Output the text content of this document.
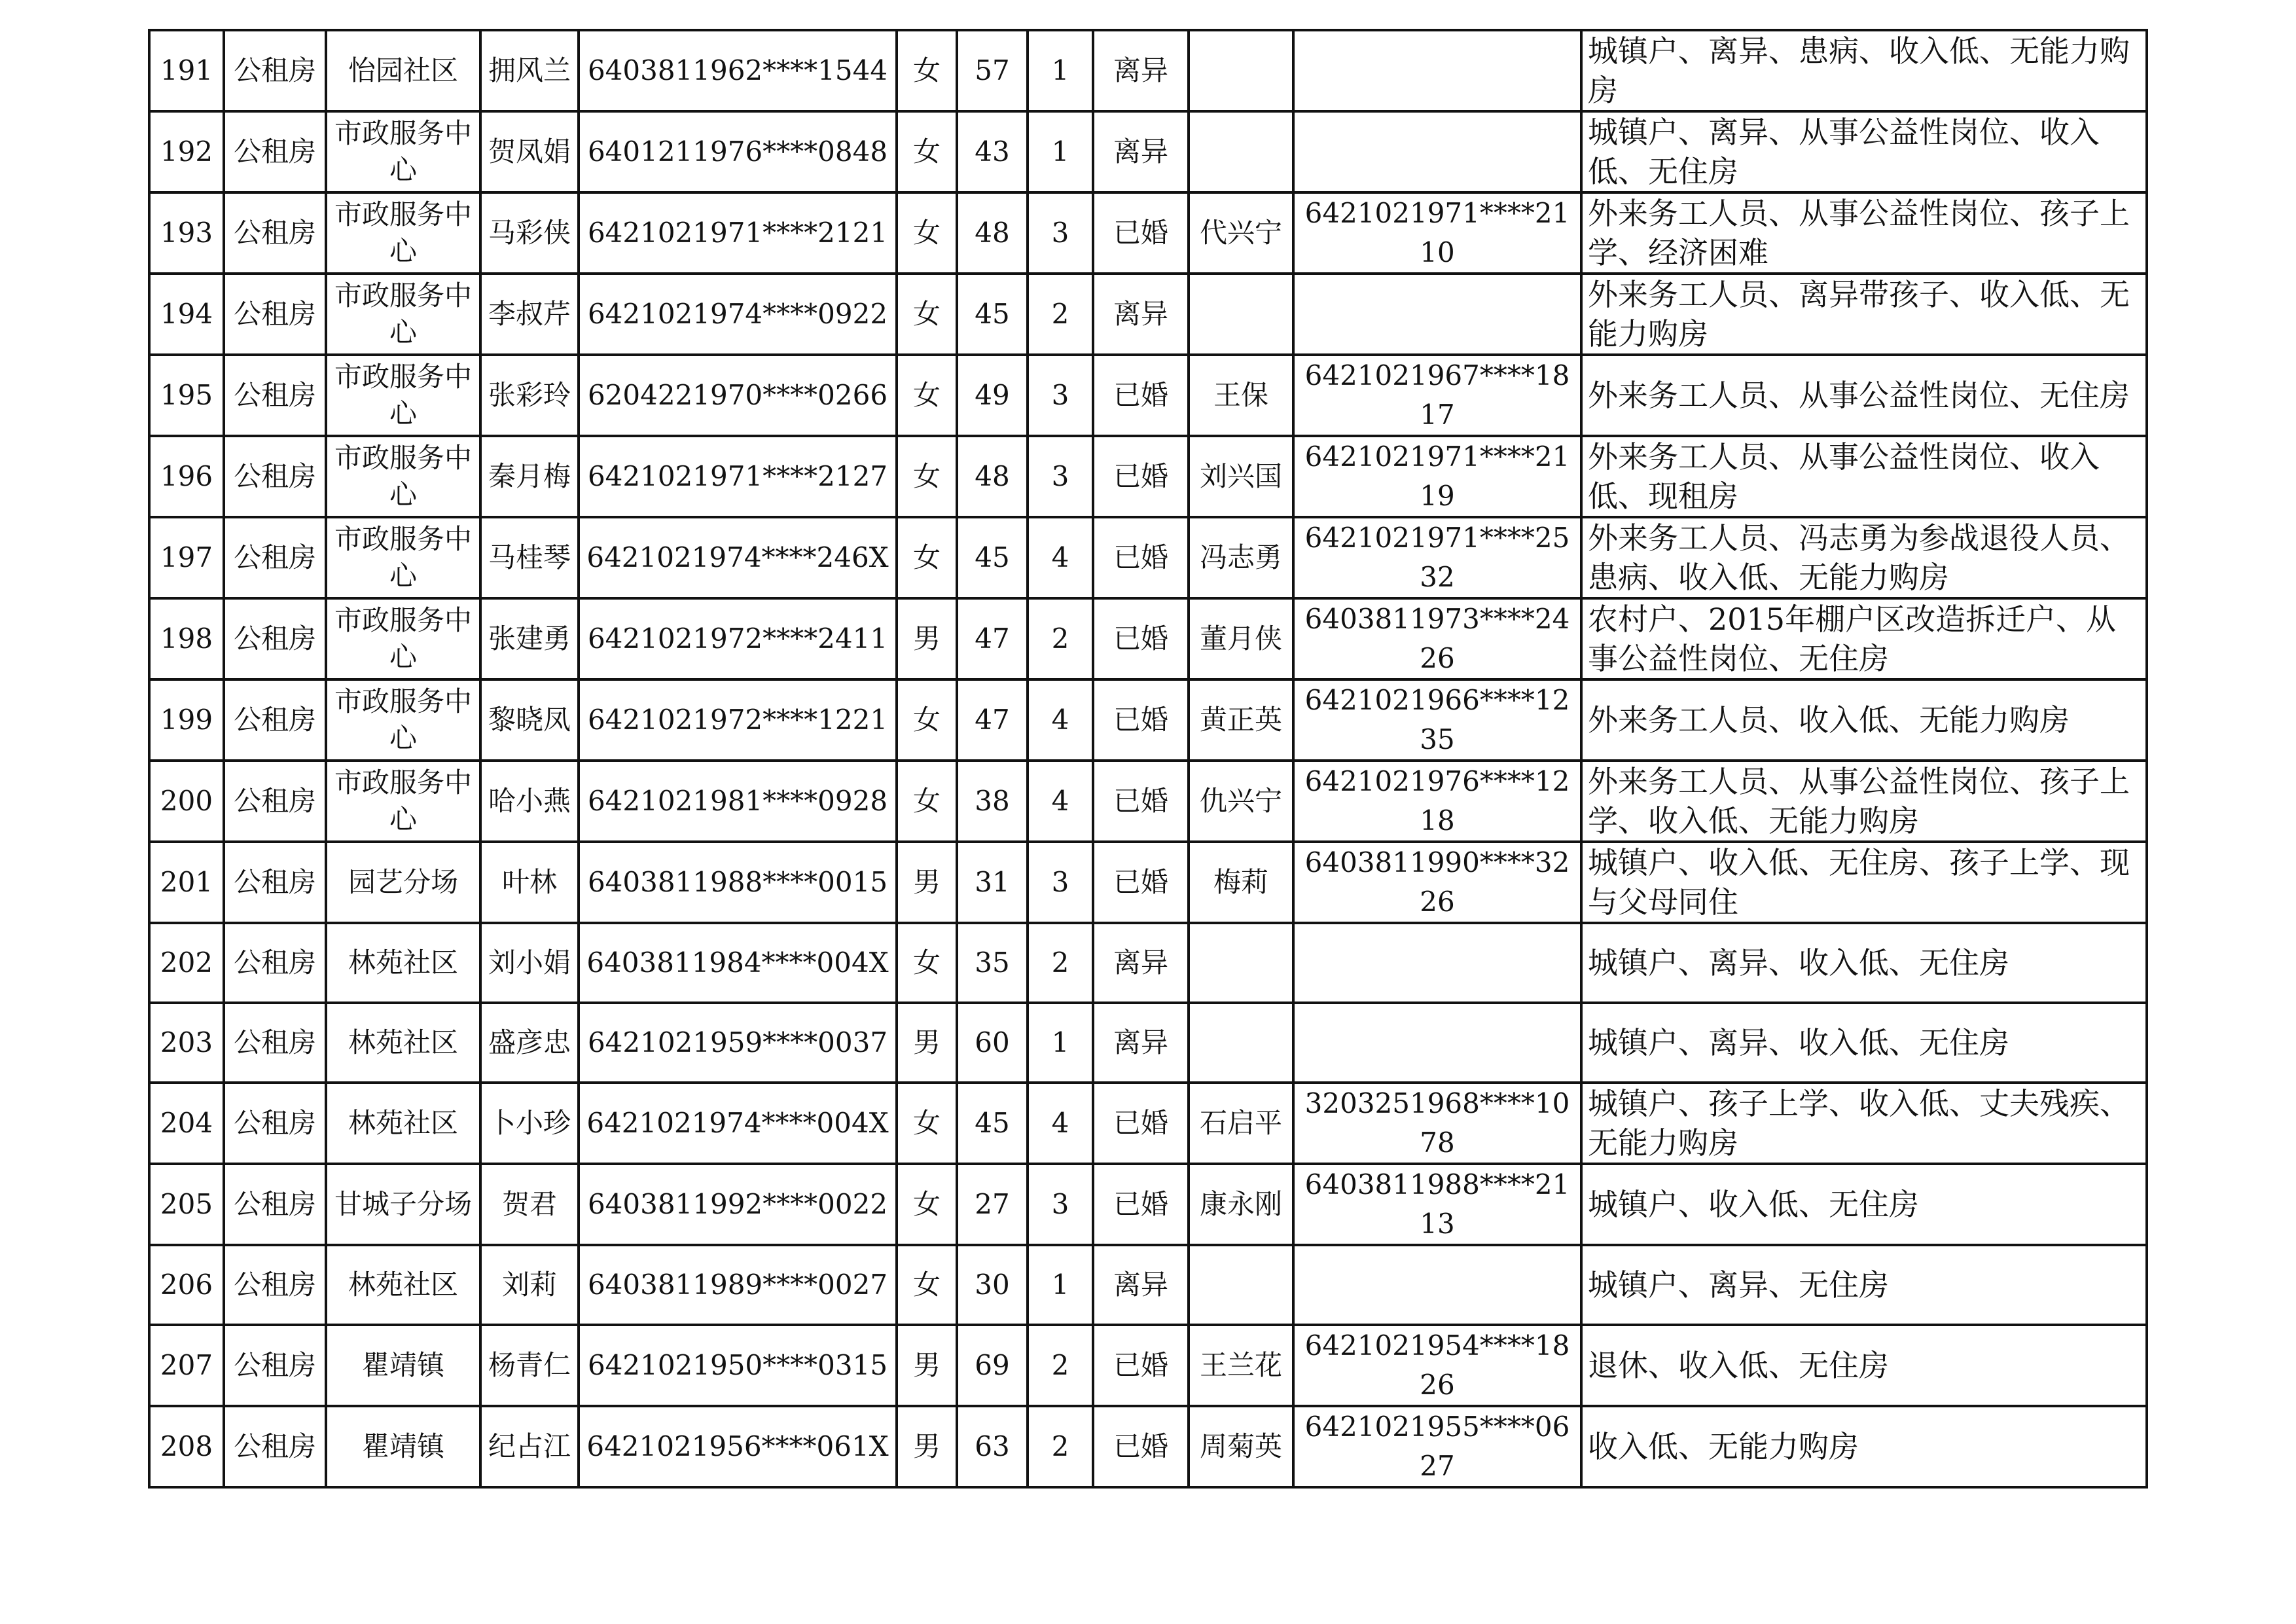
191	公租房	怡园社区	拥风兰	6403811962****1544	女	57	1	离异			城镇户、离异、患病、收入低、无能力购房
192	公租房	市政服务中心	贺凤娟	6401211976****0848	女	43	1	离异			城镇户、离异、从事公益性岗位、收入低、无住房
193	公租房	市政服务中心	马彩侠	6421021971****2121	女	48	3	已婚	代兴宁	6421021971****2110	外来务工人员、从事公益性岗位、孩子上学、经济困难
194	公租房	市政服务中心	李叔芹	6421021974****0922	女	45	2	离异			外来务工人员、离异带孩子、收入低、无能力购房
195	公租房	市政服务中心	张彩玲	6204221970****0266	女	49	3	已婚	王保	6421021967****1817	外来务工人员、从事公益性岗位、无住房
196	公租房	市政服务中心	秦月梅	6421021971****2127	女	48	3	已婚	刘兴国	6421021971****2119	外来务工人员、从事公益性岗位、收入低、现租房
197	公租房	市政服务中心	马桂琴	6421021974****246X	女	45	4	已婚	冯志勇	6421021971****2532	外来务工人员、冯志勇为参战退役人员、患病、收入低、无能力购房
198	公租房	市政服务中心	张建勇	6421021972****2411	男	47	2	已婚	董月侠	6403811973****2426	农村户、2015年棚户区改造拆迁户、从事公益性岗位、无住房
199	公租房	市政服务中心	黎晓凤	6421021972****1221	女	47	4	已婚	黄正英	6421021966****1235	外来务工人员、收入低、无能力购房
200	公租房	市政服务中心	哈小燕	6421021981****0928	女	38	4	已婚	仇兴宁	6421021976****1218	外来务工人员、从事公益性岗位、孩子上学、收入低、无能力购房
201	公租房	园艺分场	叶林	6403811988****0015	男	31	3	已婚	梅莉	6403811990****3226	城镇户、收入低、无住房、孩子上学、现与父母同住
202	公租房	林苑社区	刘小娟	6403811984****004X	女	35	2	离异			城镇户、离异、收入低、无住房
203	公租房	林苑社区	盛彦忠	6421021959****0037	男	60	1	离异			城镇户、离异、收入低、无住房
204	公租房	林苑社区	卜小珍	6421021974****004X	女	45	4	已婚	石启平	3203251968****1078	城镇户、孩子上学、收入低、丈夫残疾、无能力购房
205	公租房	甘城子分场	贺君	6403811992****0022	女	27	3	已婚	康永刚	6403811988****2113	城镇户、收入低、无住房
206	公租房	林苑社区	刘莉	6403811989****0027	女	30	1	离异			城镇户、离异、无住房
207	公租房	瞿靖镇	杨青仁	6421021950****0315	男	69	2	已婚	王兰花	6421021954****1826	退休、收入低、无住房
208	公租房	瞿靖镇	纪占江	6421021956****061X	男	63	2	已婚	周菊英	6421021955****0627	收入低、无能力购房
